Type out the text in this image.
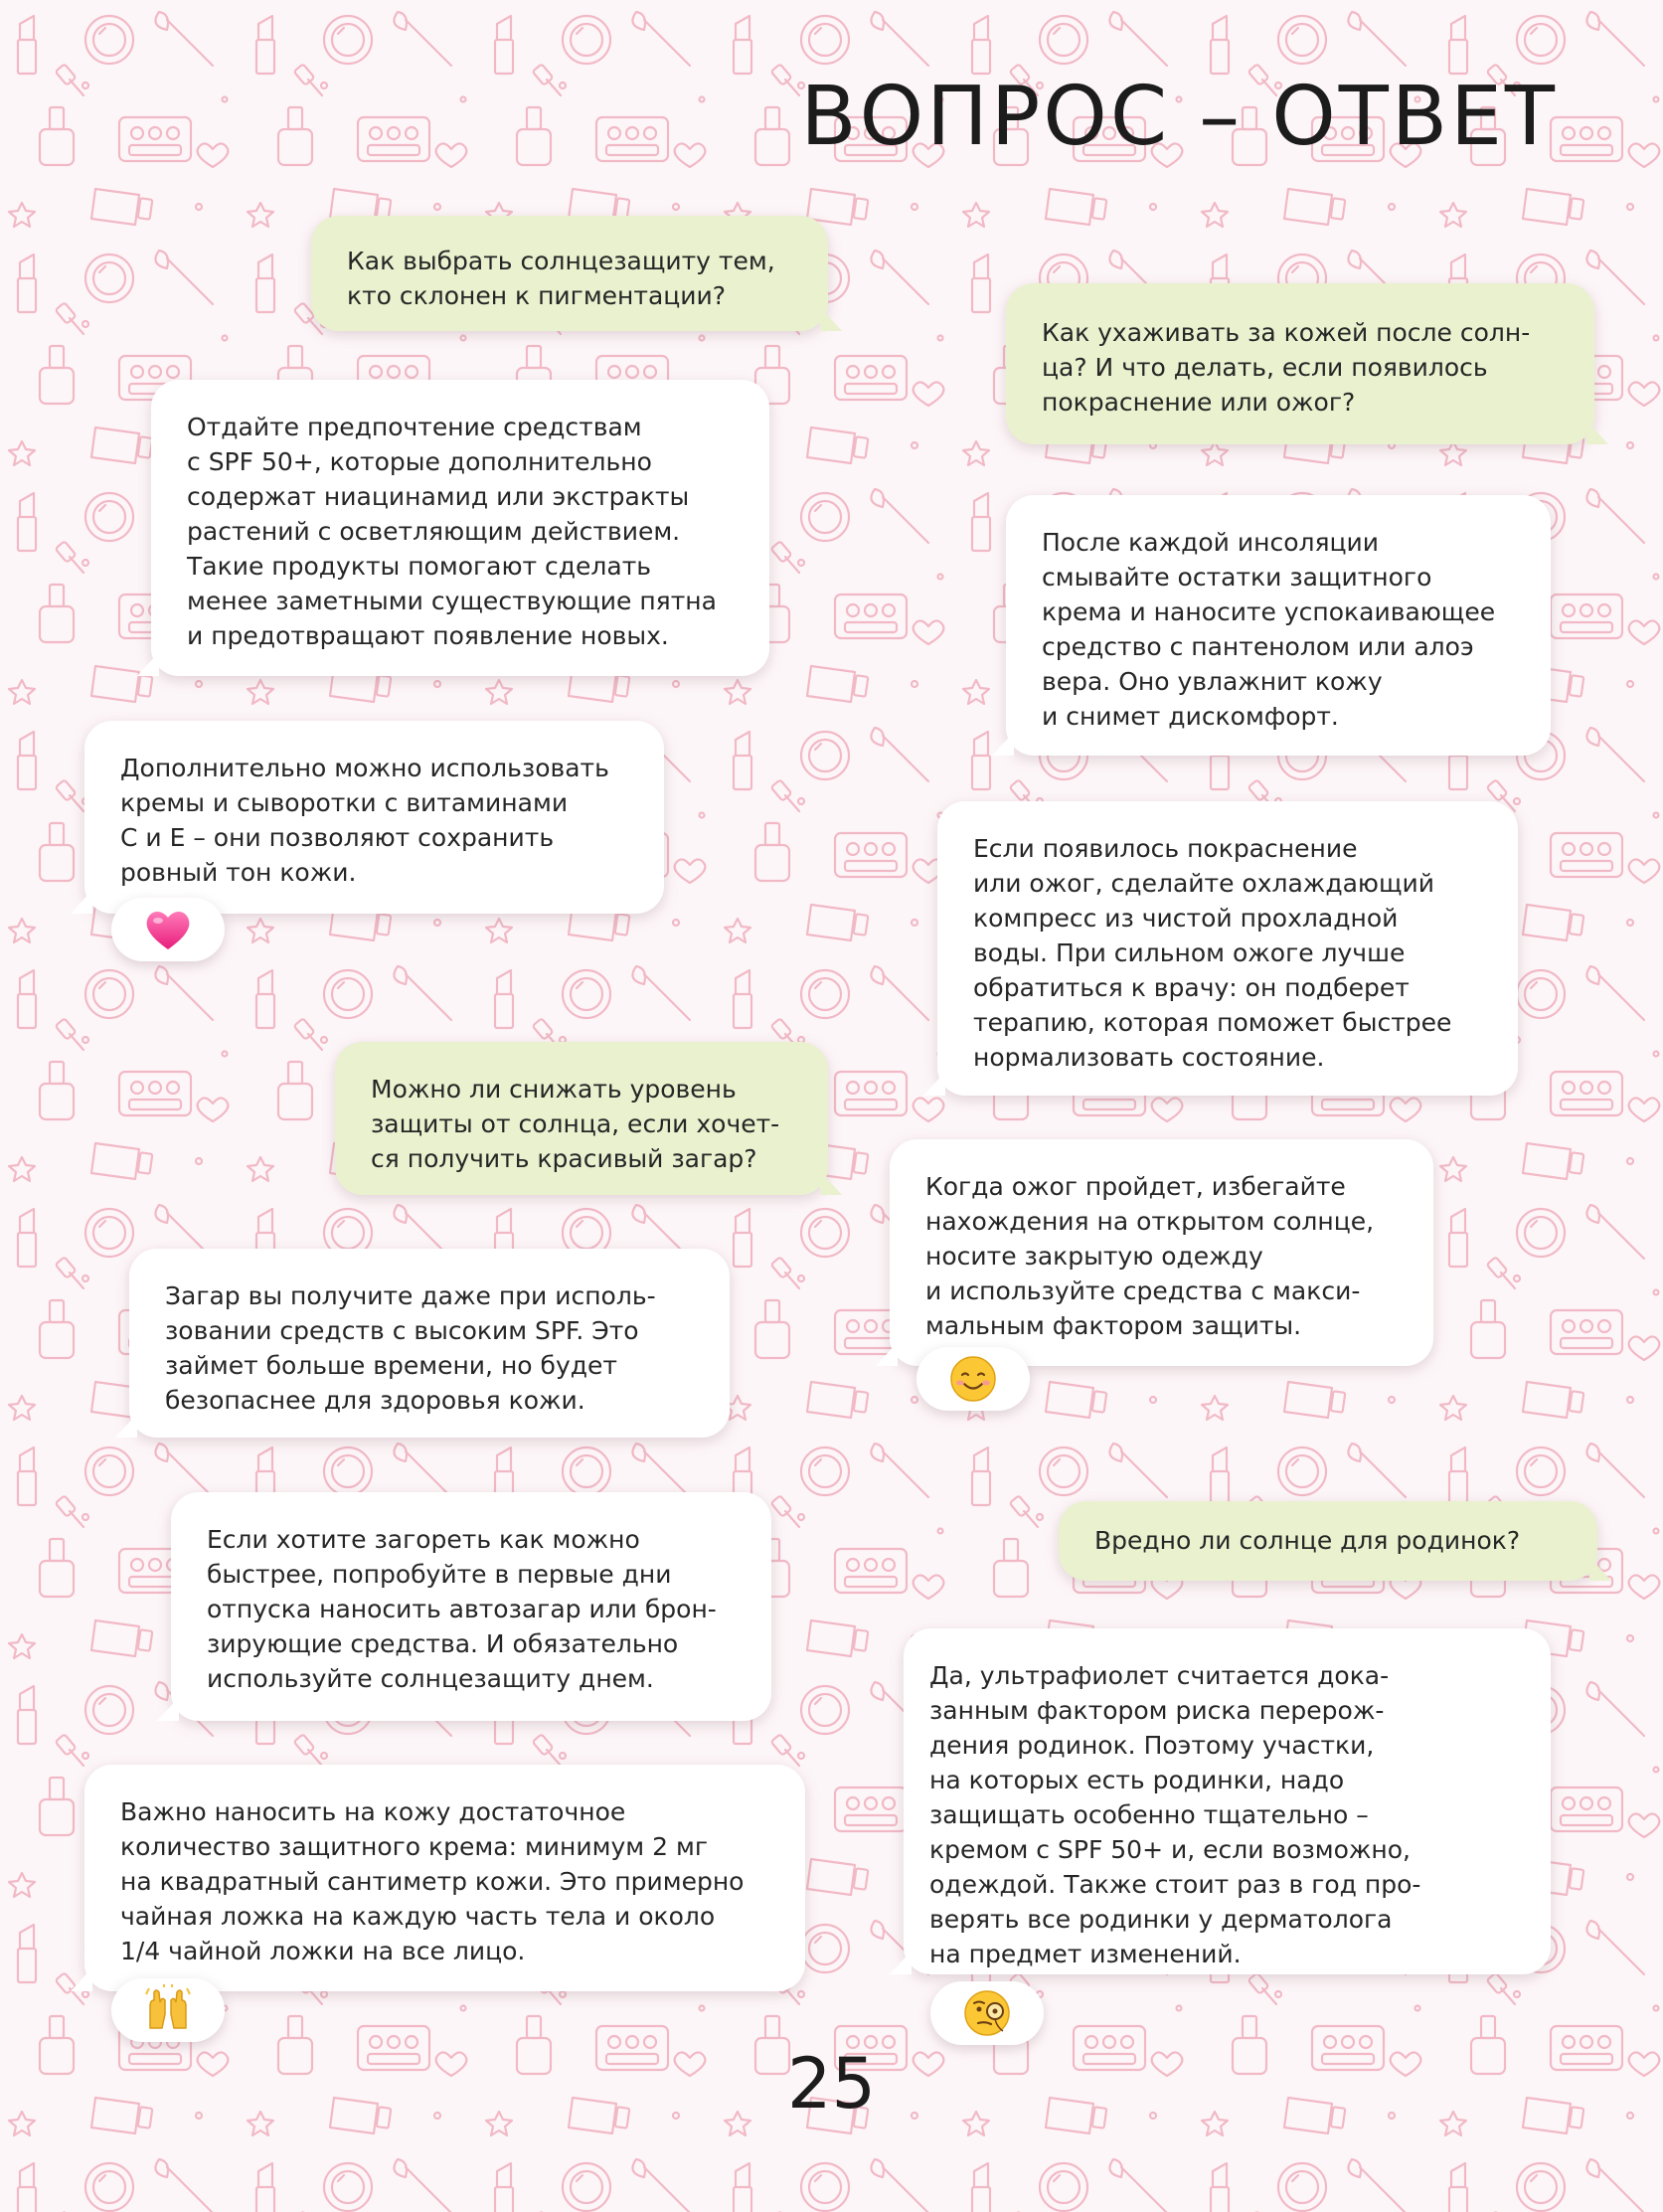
ВОПРОС – ОТВЕТ

Как выбрать солнцезащиту тем,
кто склонен к пигментации?

Отдайте предпочтение средствам
с SPF 50+, которые дополнительно
содержат ниацинамид или экстракты
растений с осветляющим действием.
Такие продукты помогают сделать
менее заметными существующие пятна
и предотвращают появление новых.

Дополнительно можно использовать
кремы и сыворотки с витаминами
C и E – они позволяют сохранить
ровный тон кожи.

Можно ли снижать уровень
защиты от солнца, если хочет-
ся получить красивый загар?

Загар вы получите даже при исполь-
зовании средств с высоким SPF. Это
займет больше времени, но будет
безопаснее для здоровья кожи.

Если хотите загореть как можно
быстрее, попробуйте в первые дни
отпуска наносить автозагар или брон-
зирующие средства. И обязательно
используйте солнцезащиту днем.

Важно наносить на кожу достаточное
количество защитного крема: минимум 2 мг
на квадратный сантиметр кожи. Это примерно
чайная ложка на каждую часть тела и около
1/4 чайной ложки на все лицо.

Как ухаживать за кожей после солн-
ца? И что делать, если появилось
покраснение или ожог?

После каждой инсоляции
смывайте остатки защитного
крема и наносите успокаивающее
средство с пантенолом или алоэ
вера. Оно увлажнит кожу
и снимет дискомфорт.

Если появилось покраснение
или ожог, сделайте охлаждающий
компресс из чистой прохладной
воды. При сильном ожоге лучше
обратиться к врачу: он подберет
терапию, которая поможет быстрее
нормализовать состояние.

Когда ожог пройдет, избегайте
нахождения на открытом солнце,
носите закрытую одежду
и используйте средства с макси-
мальным фактором защиты.

Вредно ли солнце для родинок?

Да, ультрафиолет считается дока-
занным фактором риска перерож-
дения родинок. Поэтому участки,
на которых есть родинки, надо
защищать особенно тщательно –
кремом с SPF 50+ и, если возможно,
одеждой. Также стоит раз в год про-
верять все родинки у дерматолога
на предмет изменений.

25
